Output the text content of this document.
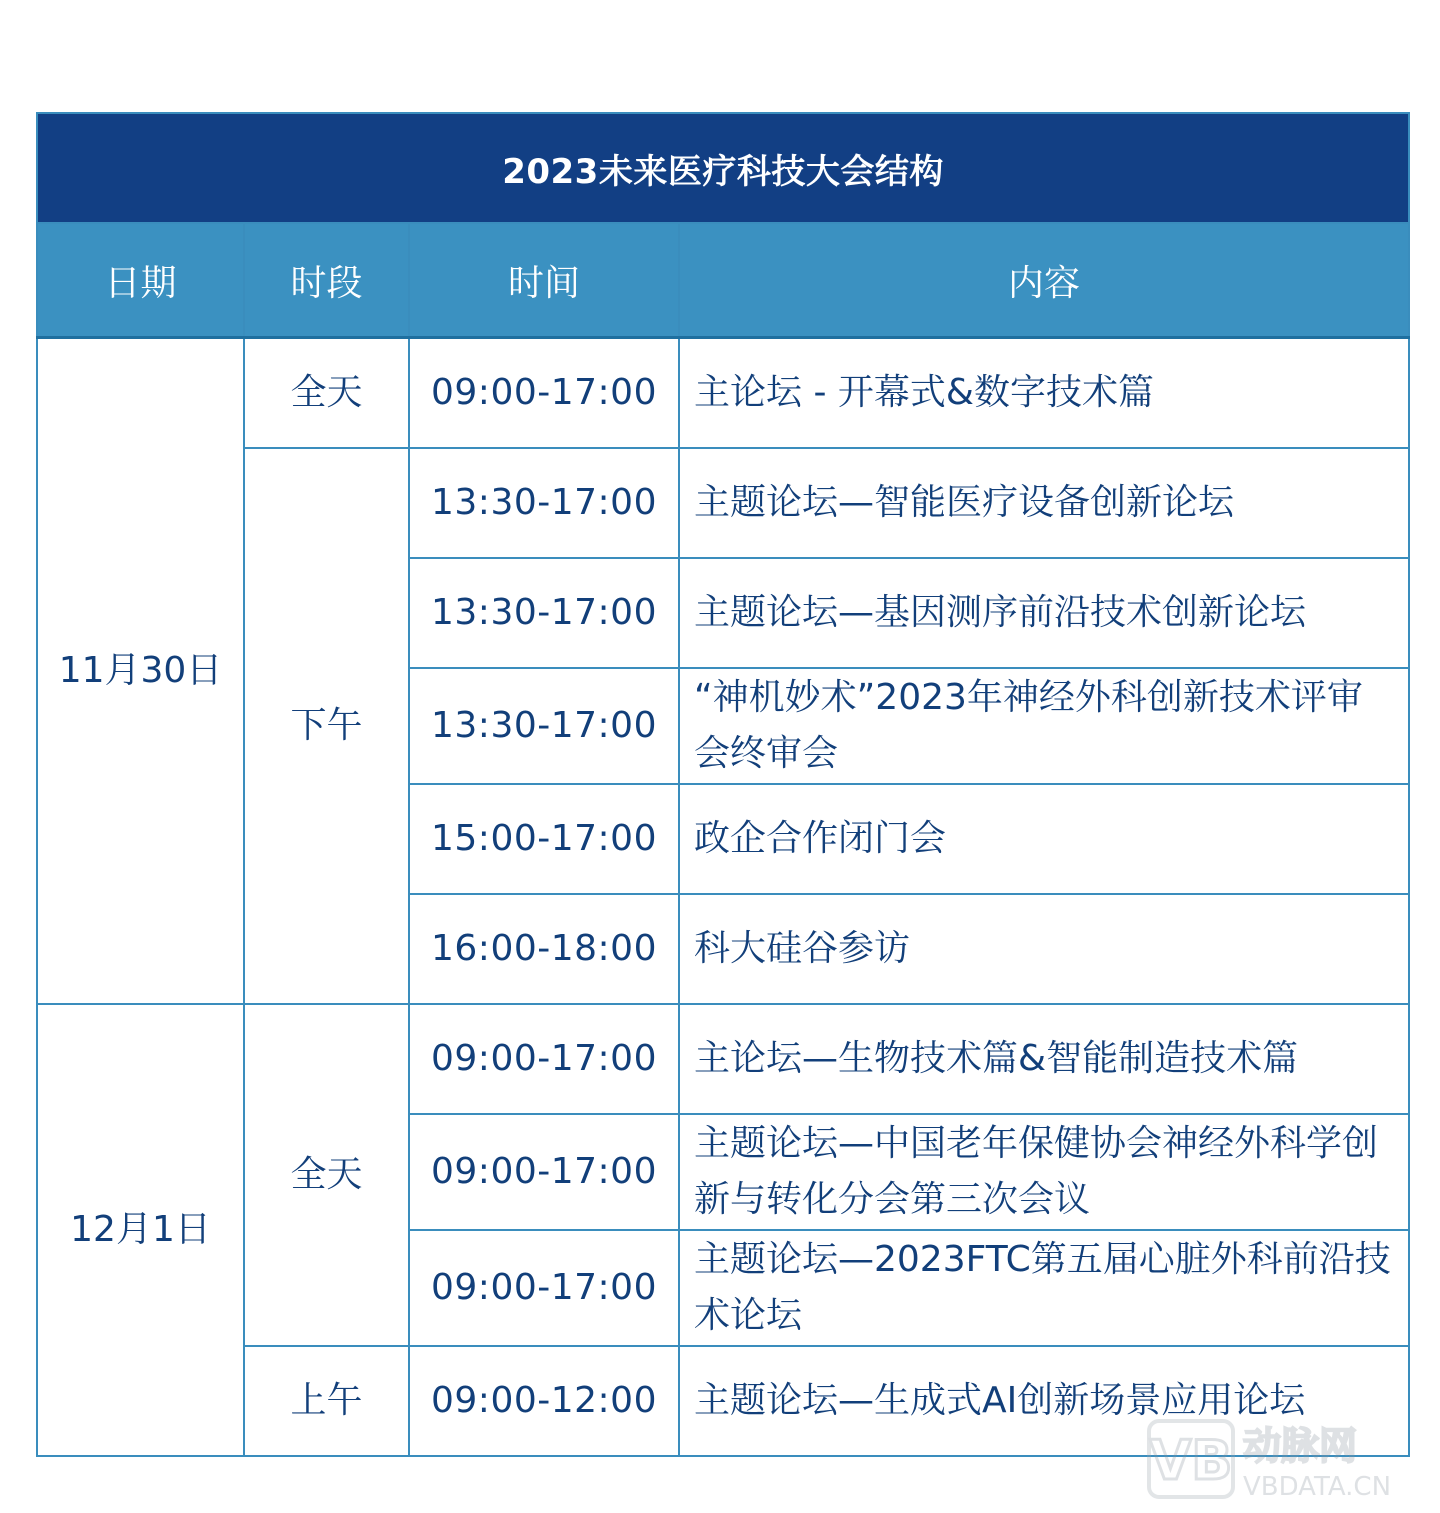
2023未来医疗科技大会结构			
日期	时段	时间	内容
11月30日	全天	09:00-17:00	主论坛 - 开幕式&数字技术篇
	下午	13:30-17:00	主题论坛—智能医疗设备创新论坛
		13:30-17:00	主题论坛—基因测序前沿技术创新论坛
		13:30-17:00	“神机妙术”2023年神经外科创新技术评审会终审会
		15:00-17:00	政企合作闭门会
		16:00-18:00	科大硅谷参访
12月1日	全天	09:00-17:00	主论坛—生物技术篇&智能制造技术篇
		09:00-17:00	主题论坛—中国老年保健协会神经外科学创新与转化分会第三次会议
		09:00-17:00	主题论坛—2023FTC第五届心脏外科前沿技术论坛
	上午	09:00-12:00	主题论坛—生成式AI创新场景应用论坛
VB 动脉网
VBDATA.CN
